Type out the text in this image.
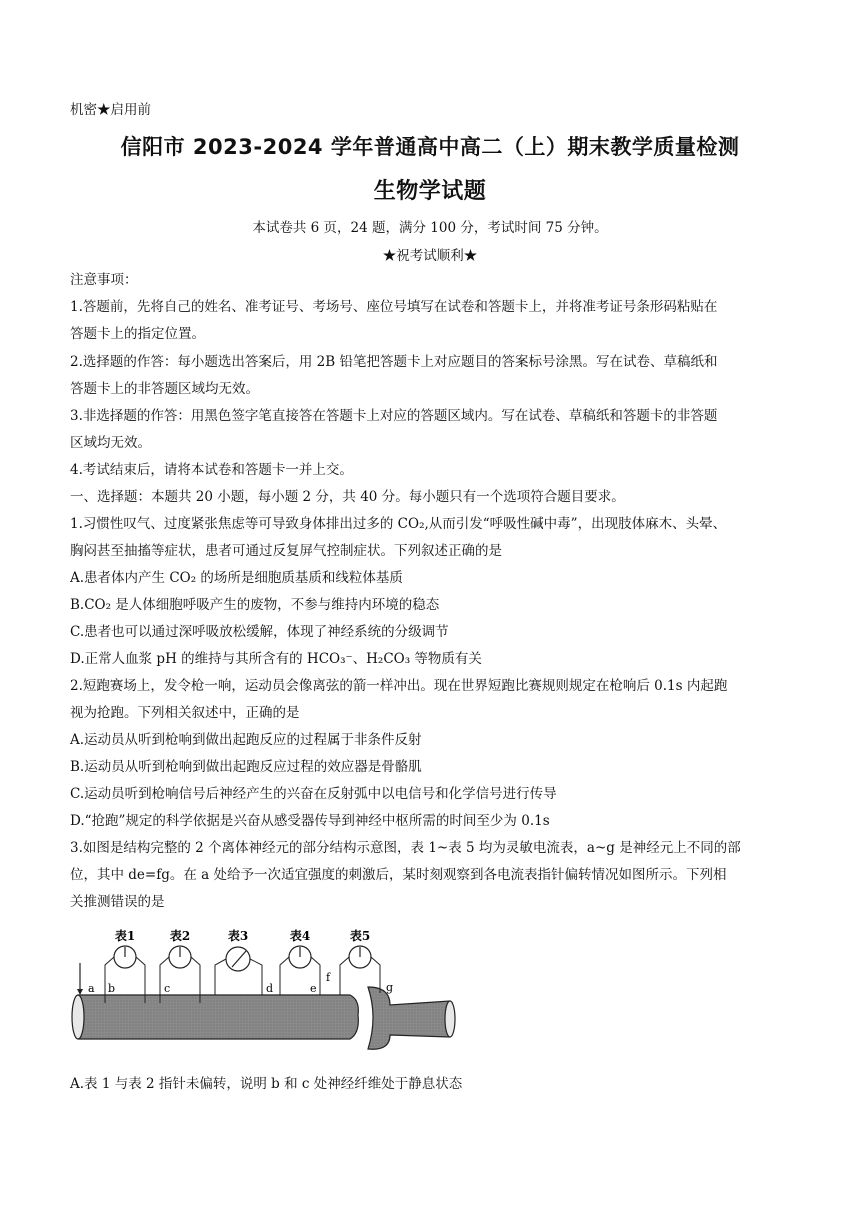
机密★启用前
信阳市 2023-2024 学年普通高中高二（上）期末教学质量检测
生物学试题
本试卷共 6 页，24 题，满分 100 分，考试时间 75 分钟。
★祝考试顺利★
注意事项：
1.答题前，先将自己的姓名、准考证号、考场号、座位号填写在试卷和答题卡上，并将准考证号条形码粘贴在
答题卡上的指定位置。
2.选择题的作答：每小题选出答案后，用 2B 铅笔把答题卡上对应题目的答案标号涂黑。写在试卷、草稿纸和
答题卡上的非答题区域均无效。
3.非选择题的作答：用黑色签字笔直接答在答题卡上对应的答题区域内。写在试卷、草稿纸和答题卡的非答题
区域均无效。
4.考试结束后，请将本试卷和答题卡一并上交。
一、选择题：本题共 20 小题，每小题 2 分，共 40 分。每小题只有一个选项符合题目要求。
1.习惯性叹气、过度紧张焦虑等可导致身体排出过多的 CO₂,从而引发“呼吸性碱中毒”，出现肢体麻木、头晕、
胸闷甚至抽搐等症状，患者可通过反复屏气控制症状。下列叙述正确的是
A.患者体内产生 CO₂ 的场所是细胞质基质和线粒体基质
B.CO₂ 是人体细胞呼吸产生的废物，不参与维持内环境的稳态
C.患者也可以通过深呼吸放松缓解，体现了神经系统的分级调节
D.正常人血浆 pH 的维持与其所含有的 HCO₃⁻、H₂CO₃ 等物质有关
2.短跑赛场上，发令枪一响，运动员会像离弦的箭一样冲出。现在世界短跑比赛规则规定在枪响后 0.1s 内起跑
视为抢跑。下列相关叙述中，正确的是
A.运动员从听到枪响到做出起跑反应的过程属于非条件反射
B.运动员从听到枪响到做出起跑反应过程的效应器是骨骼肌
C.运动员听到枪响信号后神经产生的兴奋在反射弧中以电信号和化学信号进行传导
D.“抢跑”规定的科学依据是兴奋从感受器传导到神经中枢所需的时间至少为 0.1s
3.如图是结构完整的 2 个离体神经元的部分结构示意图，表 1~表 5 均为灵敏电流表，a~g 是神经元上不同的部
位，其中 de=fg。在 a 处给予一次适宜强度的刺激后，某时刻观察到各电流表指针偏转情况如图所示。下列相
关推测错误的是
表1	表2	表3	表4	表5
a b	c	d	e
f
g
A.表 1 与表 2 指针未偏转，说明 b 和 c 处神经纤维处于静息状态
